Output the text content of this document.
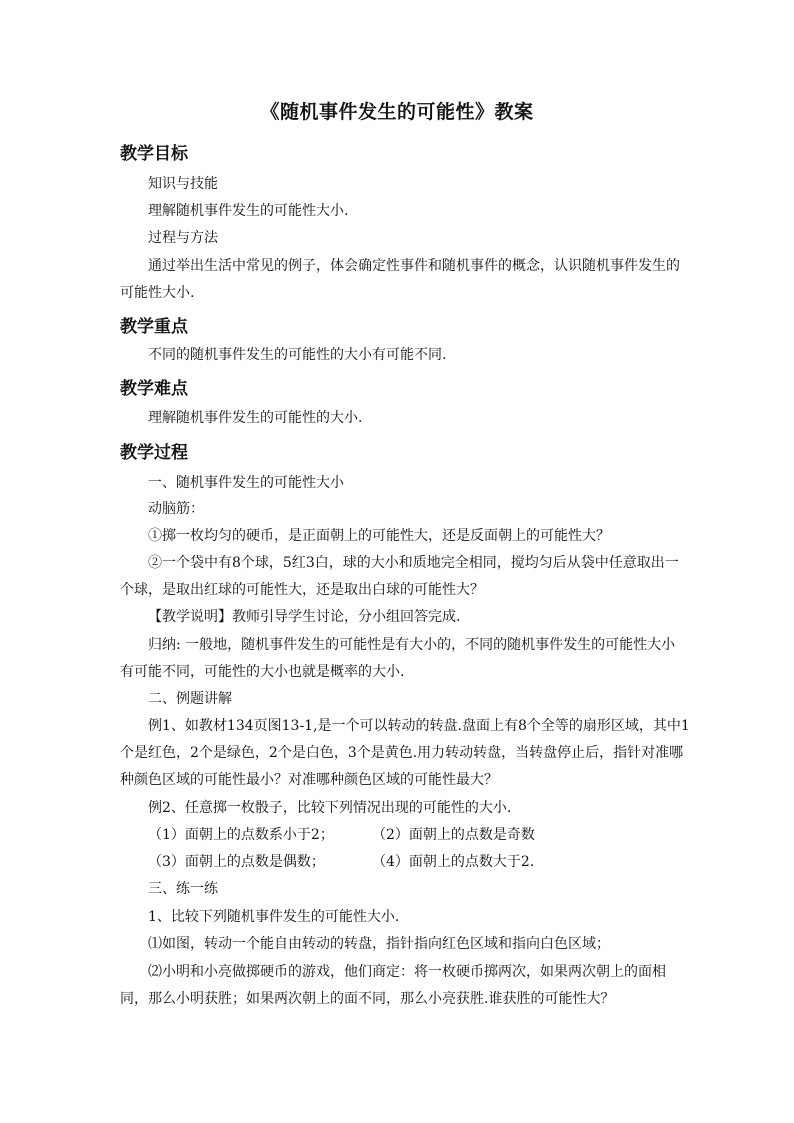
《随机事件发生的可能性》教案
教学目标
知识与技能
理解随机事件发生的可能性大小.
过程与方法
通过举出生活中常见的例子，体会确定性事件和随机事件的概念，认识随机事件发生的
可能性大小.
教学重点
不同的随机事件发生的可能性的大小有可能不同.
教学难点
理解随机事件发生的可能性的大小.
教学过程
一、随机事件发生的可能性大小
动脑筋：
①掷一枚均匀的硬币，是正面朝上的可能性大，还是反面朝上的可能性大？
②一个袋中有8个球，5红3白，球的大小和质地完全相同，搅均匀后从袋中任意取出一
个球，是取出红球的可能性大，还是取出白球的可能性大？
【教学说明】教师引导学生讨论，分小组回答完成.
归纳: 一般地，随机事件发生的可能性是有大小的，不同的随机事件发生的可能性大小
有可能不同，可能性的大小也就是概率的大小.
二、例题讲解
例1、如教材134页图13-1,是一个可以转动的转盘.盘面上有8个全等的扇形区域，其中1
个是红色，2个是绿色，2个是白色，3个是黄色.用力转动转盘，当转盘停止后，指针对准哪
种颜色区域的可能性最小？对准哪种颜色区域的可能性最大？
例2、任意掷一枚骰子，比较下列情况出现的可能性的大小.
（1）面朝上的点数系小于2；	（2）面朝上的点数是奇数
（3）面朝上的点数是偶数；	（4）面朝上的点数大于2.
三、练一练
1、比较下列随机事件发生的可能性大小.
⑴如图，转动一个能自由转动的转盘，指针指向红色区域和指向白色区域；
⑵小明和小亮做掷硬币的游戏，他们商定：将一枚硬币掷两次，如果两次朝上的面相
同，那么小明获胜；如果两次朝上的面不同，那么小亮获胜.谁获胜的可能性大？
